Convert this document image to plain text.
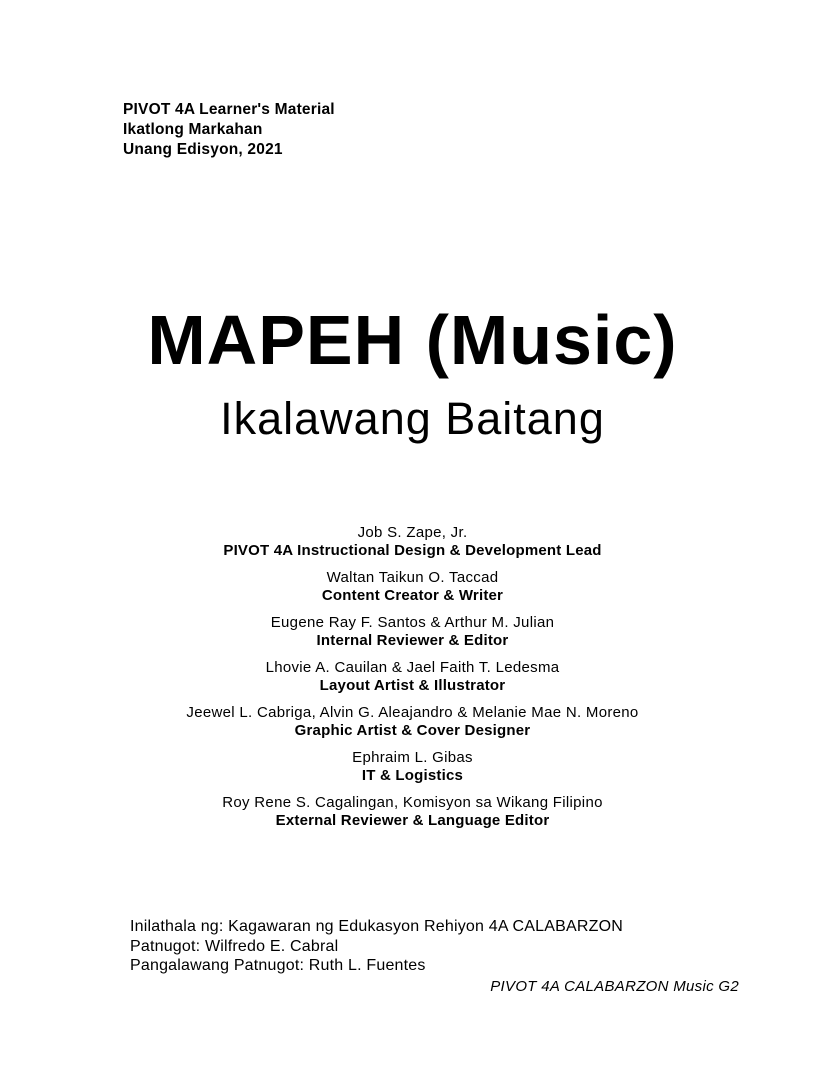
PIVOT 4A Learner's Material
Ikatlong Markahan
Unang Edisyon, 2021
MAPEH (Music)
Ikalawang Baitang
Job S. Zape, Jr.
PIVOT 4A Instructional Design & Development Lead
Waltan Taikun O. Taccad
Content Creator & Writer
Eugene Ray F. Santos & Arthur M. Julian
Internal Reviewer & Editor
Lhovie A. Cauilan & Jael Faith T. Ledesma
Layout Artist & Illustrator
Jeewel L. Cabriga, Alvin G. Aleajandro & Melanie Mae N. Moreno
Graphic Artist & Cover Designer
Ephraim L. Gibas
IT & Logistics
Roy Rene S. Cagalingan, Komisyon sa Wikang Filipino
External Reviewer & Language Editor
Inilathala ng: Kagawaran ng Edukasyon Rehiyon 4A CALABARZON
Patnugot: Wilfredo E. Cabral
Pangalawang Patnugot: Ruth L. Fuentes
PIVOT 4A CALABARZON Music G2
